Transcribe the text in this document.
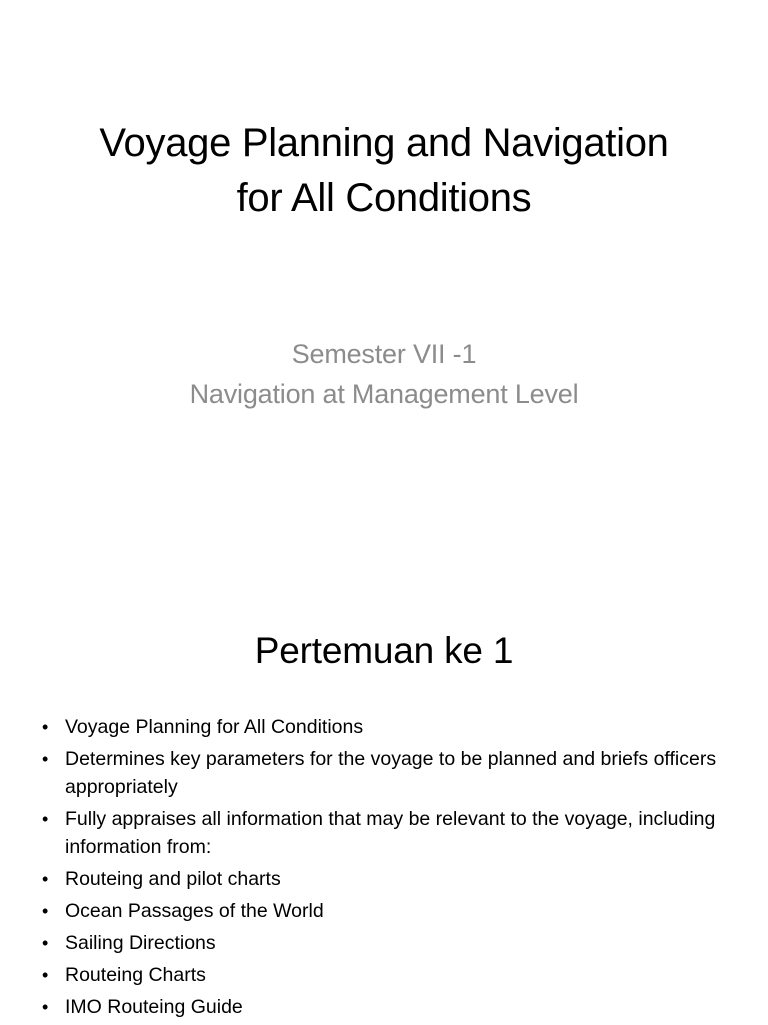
Voyage Planning and Navigation
for All Conditions
Semester VII -1
Navigation at Management Level
Pertemuan ke 1
• Voyage Planning for All Conditions
• Determines key parameters for the voyage to be planned and briefs officers appropriately
• Fully appraises all information that may be relevant to the voyage, including information from:
• Routeing and pilot charts
• Ocean Passages of the World
• Sailing Directions
• Routeing Charts
• IMO Routeing Guide
